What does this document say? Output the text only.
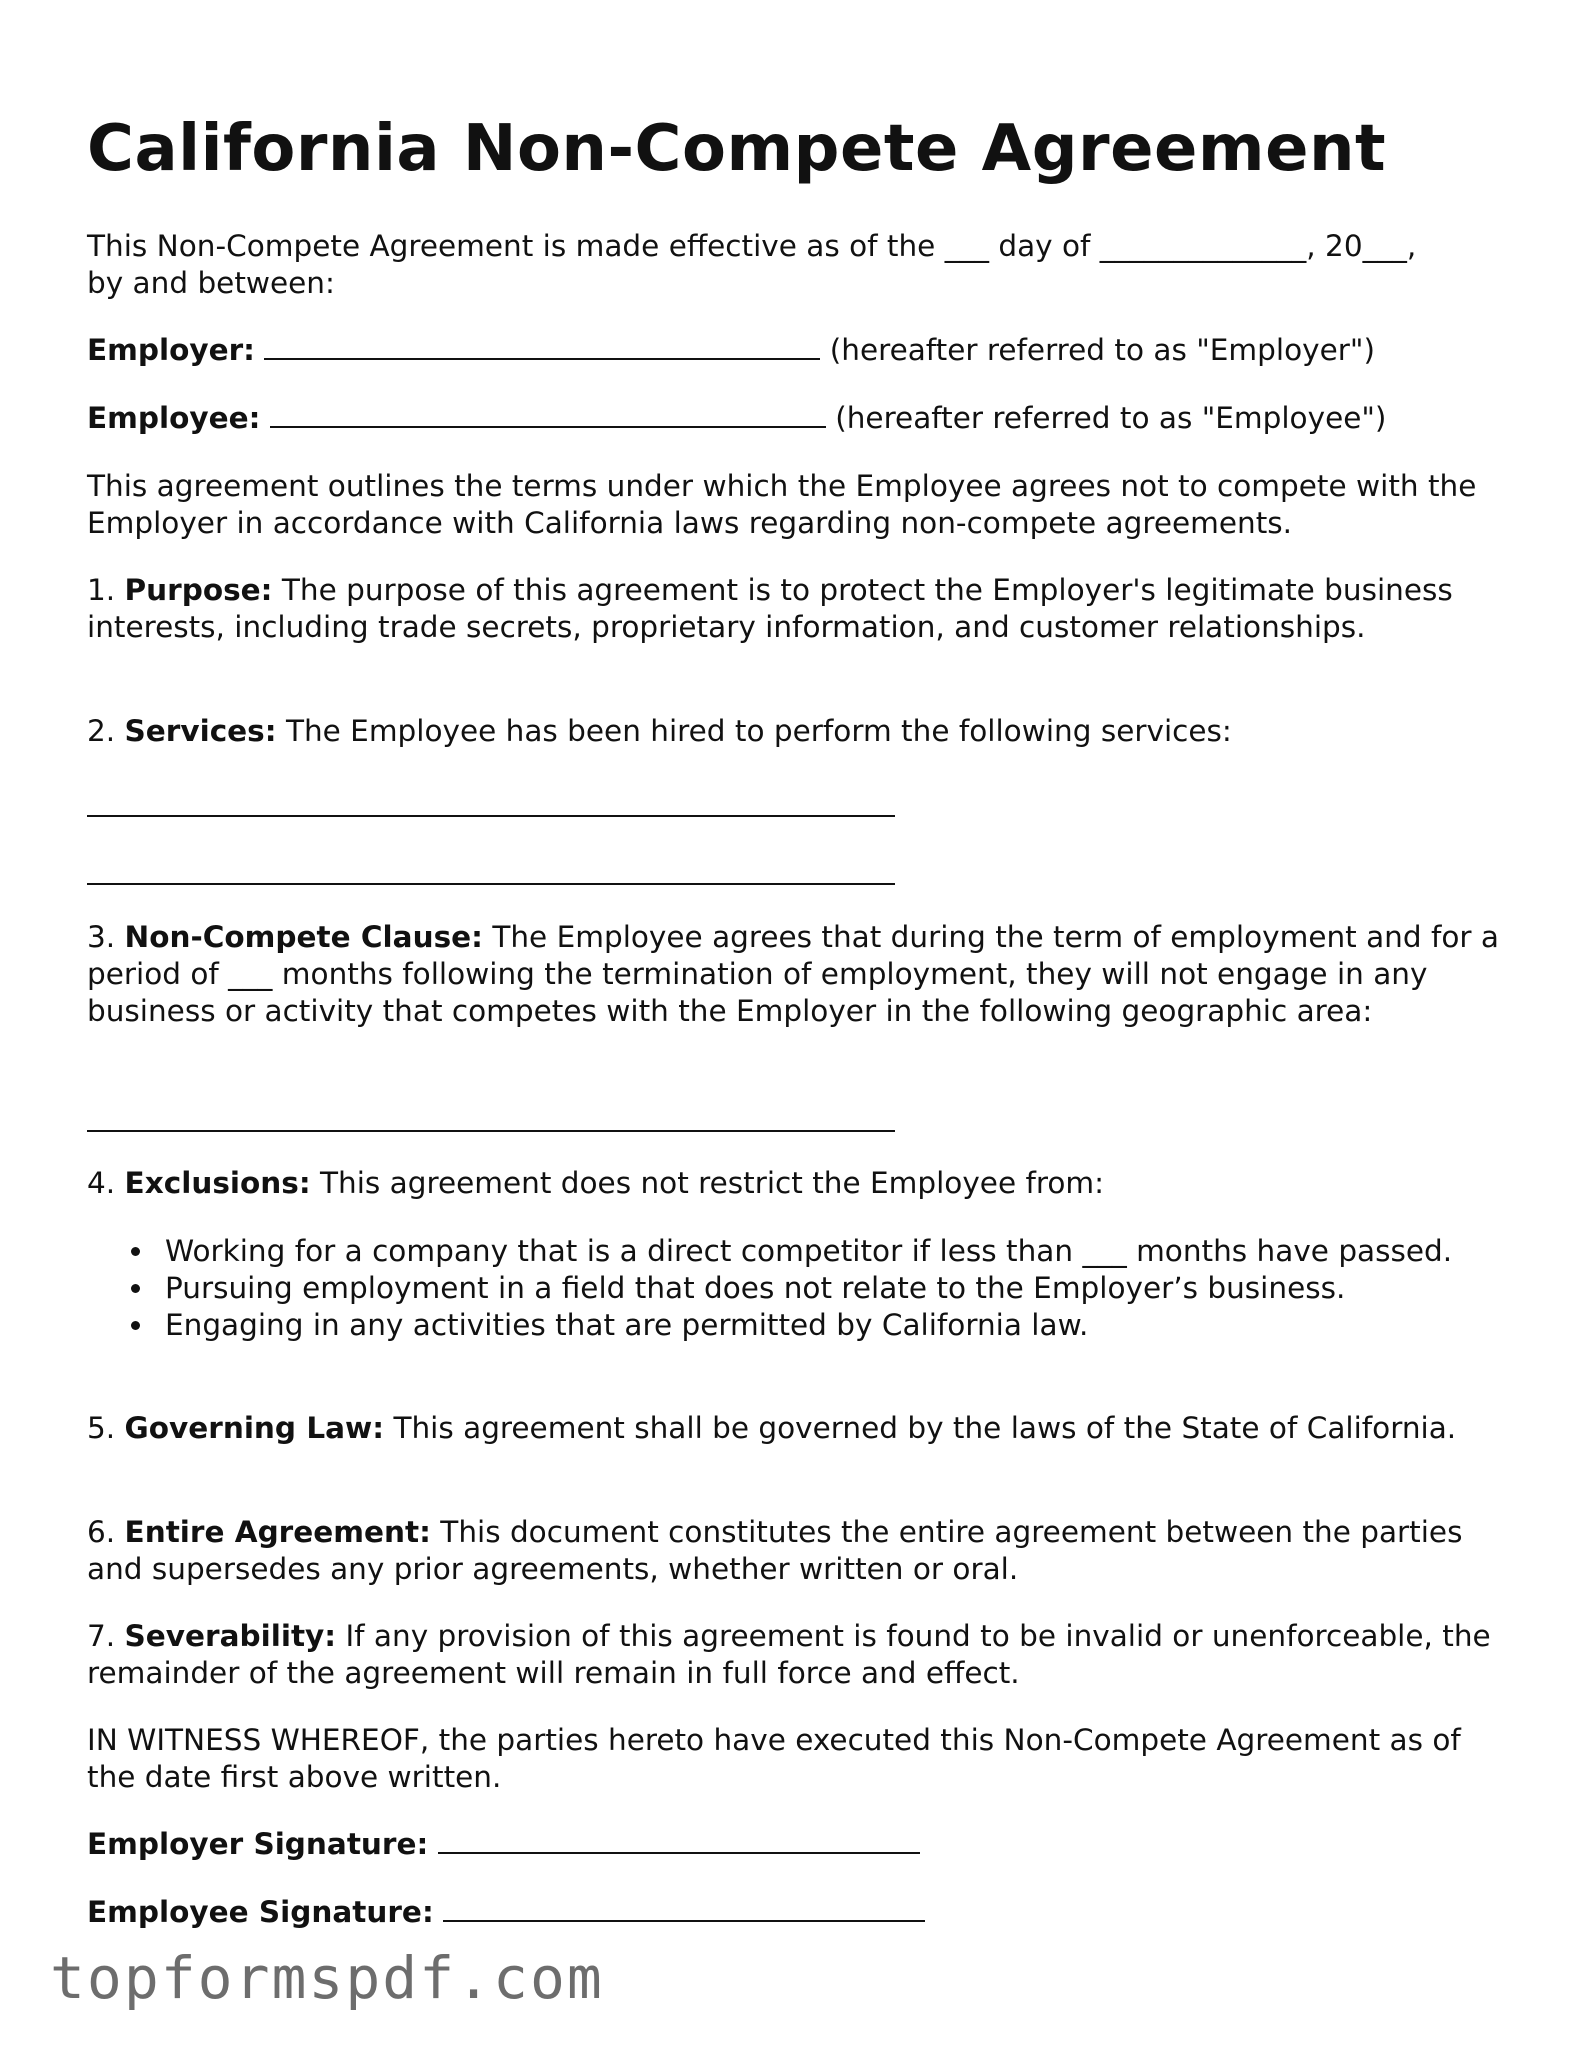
California Non-Compete Agreement

This Non-Compete Agreement is made effective as of the ___ day of ______________, 20___,
by and between:

Employer:	(hereafter referred to as "Employer")

Employee:	(hereafter referred to as "Employee")

This agreement outlines the terms under which the Employee agrees not to compete with the Employer in accordance with California laws regarding non-compete agreements.

1. Purpose: The purpose of this agreement is to protect the Employer's legitimate business interests, including trade secrets, proprietary information, and customer relationships.

2. Services: The Employee has been hired to perform the following services:

3. Non-Compete Clause: The Employee agrees that during the term of employment and for a period of ___ months following the termination of employment, they will not engage in any business or activity that competes with the Employer in the following geographic area:

4. Exclusions: This agreement does not restrict the Employee from:

Working for a company that is a direct competitor if less than ___ months have passed.
Pursuing employment in a field that does not relate to the Employer’s business.
Engaging in any activities that are permitted by California law.

5. Governing Law: This agreement shall be governed by the laws of the State of California.

6. Entire Agreement: This document constitutes the entire agreement between the parties and supersedes any prior agreements, whether written or oral.

7. Severability: If any provision of this agreement is found to be invalid or unenforceable, the remainder of the agreement will remain in full force and effect.

IN WITNESS WHEREOF, the parties hereto have executed this Non-Compete Agreement as of the date first above written.

Employer Signature:

Employee Signature:

topformspdf.com
